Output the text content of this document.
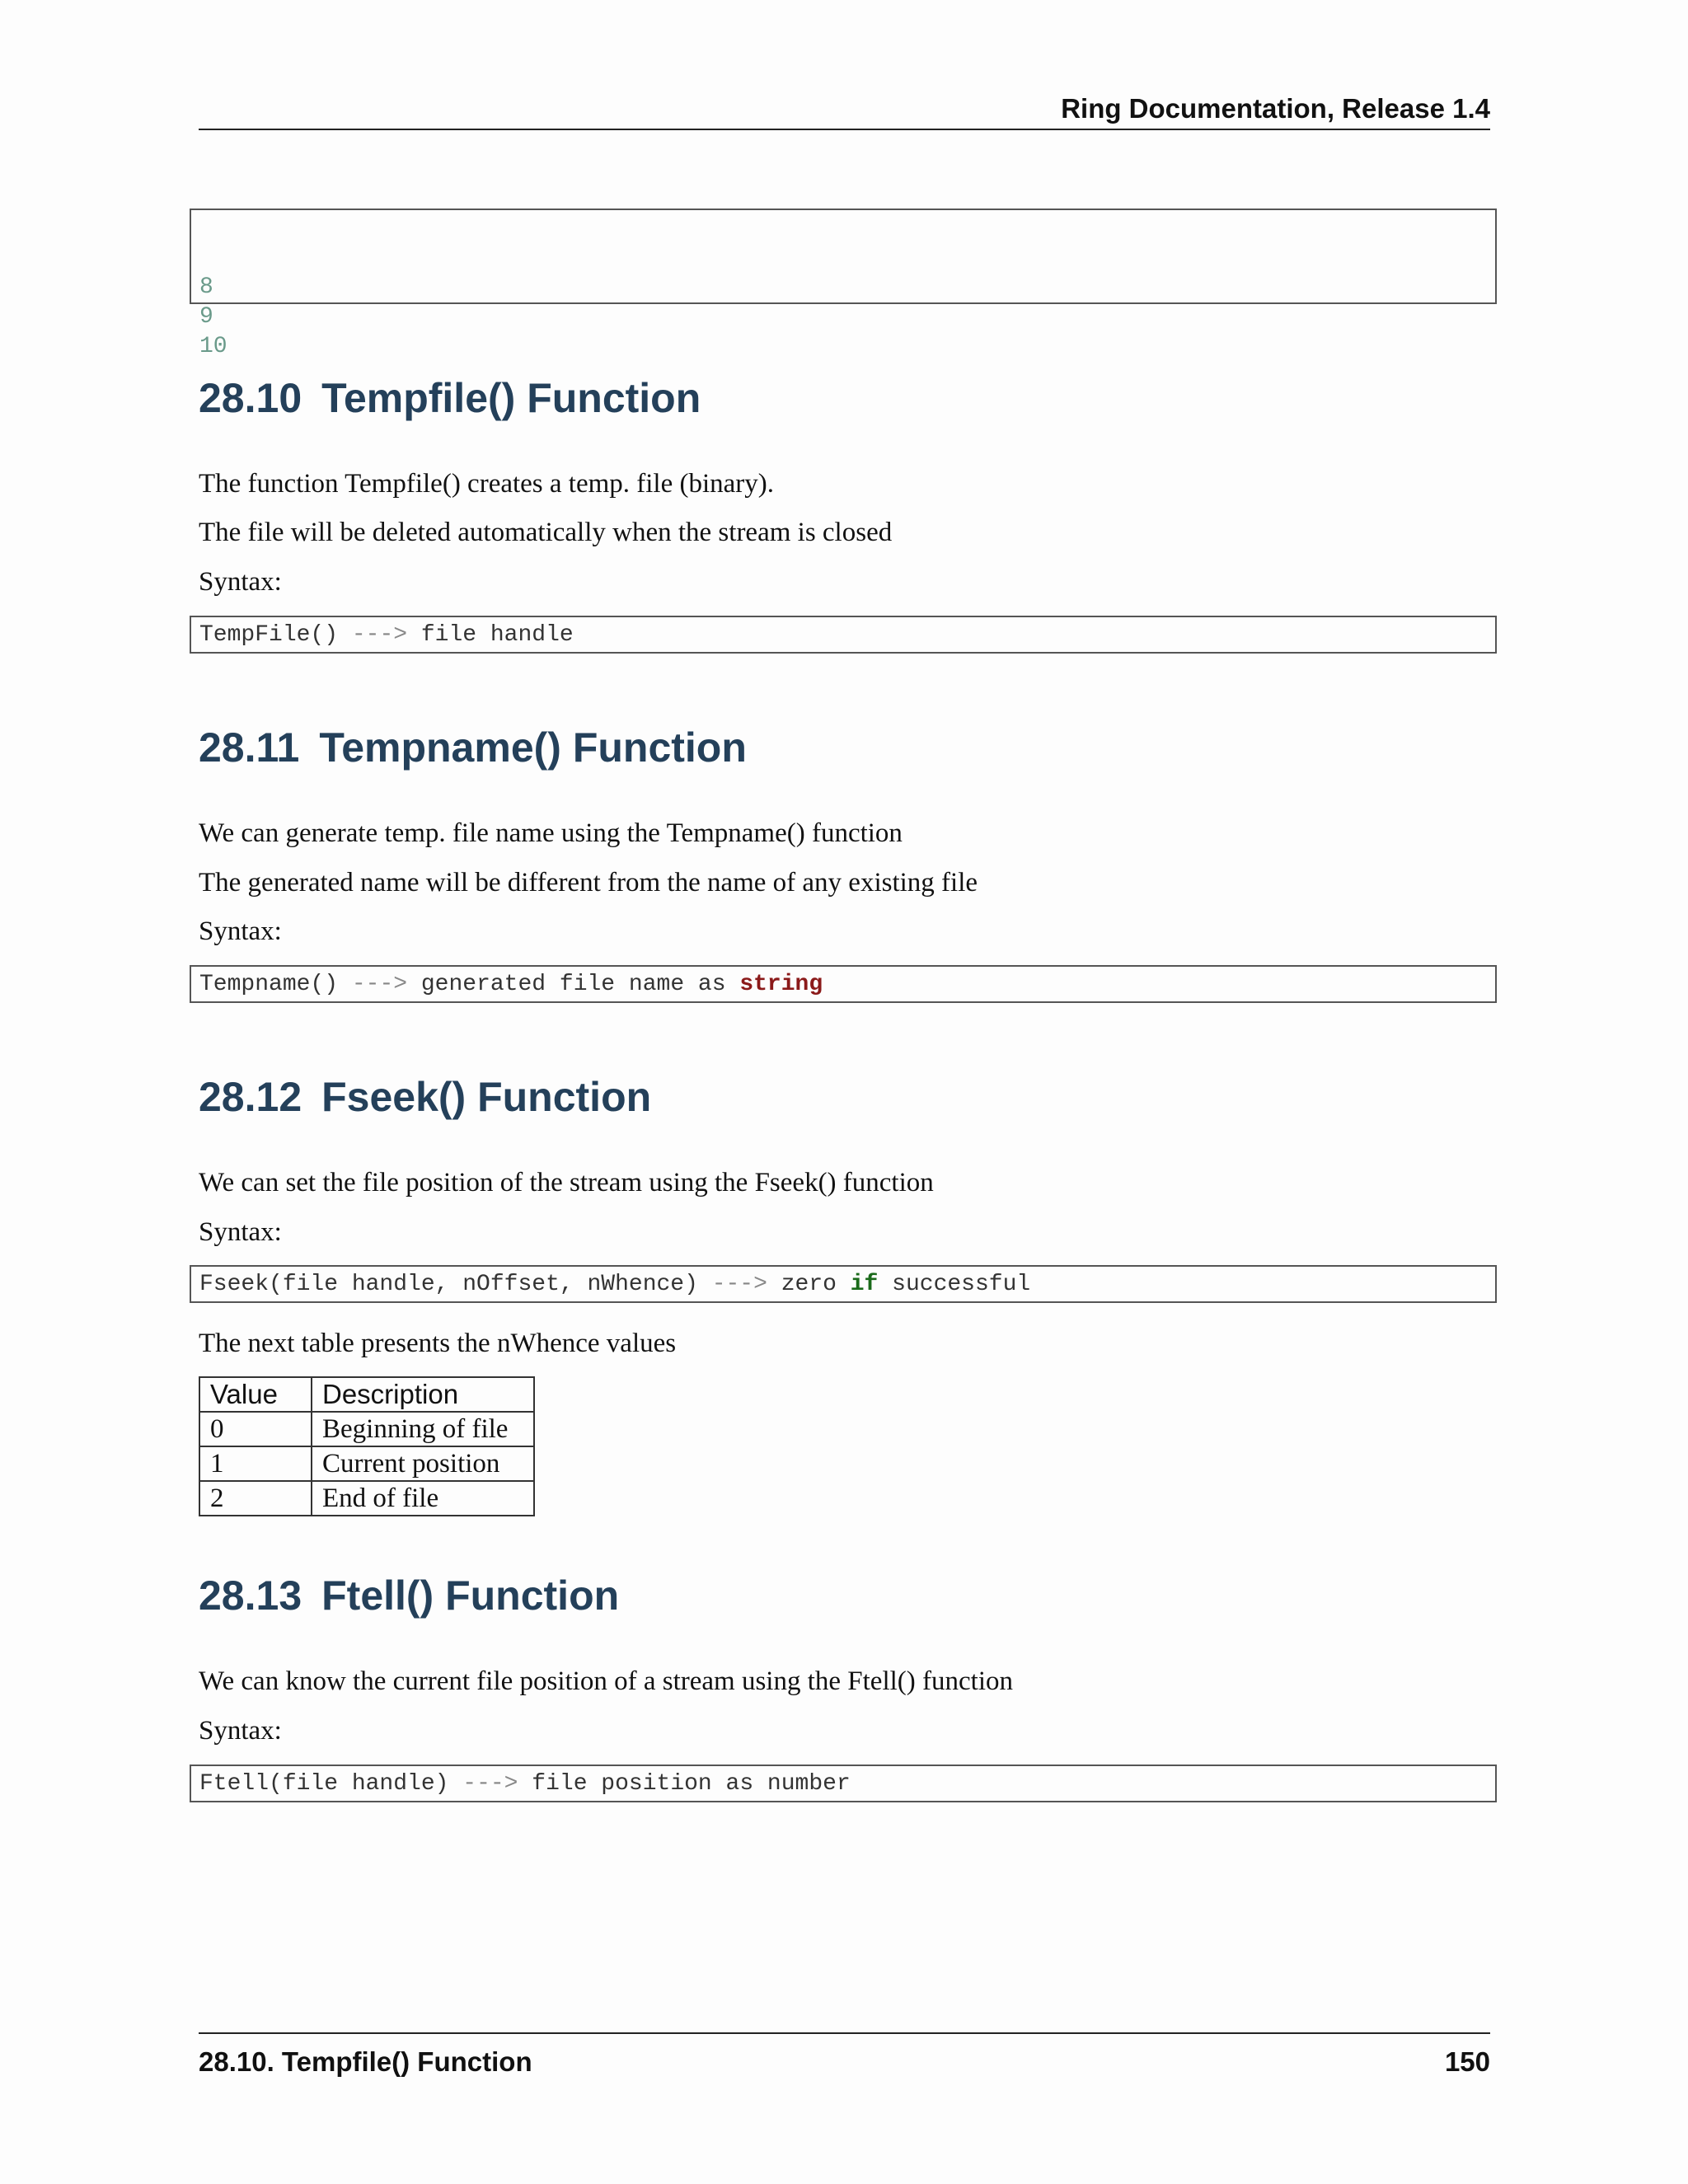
Ring Documentation, Release 1.4

8
9
10

28.10 Tempfile() Function
The function Tempfile() creates a temp. file (binary).
The file will be deleted automatically when the stream is closed
Syntax:
TempFile() ---> file handle
28.11 Tempname() Function
We can generate temp. file name using the Tempname() function
The generated name will be different from the name of any existing file
Syntax:
Tempname() ---> generated file name as string
28.12 Fseek() Function
We can set the file position of the stream using the Fseek() function
Syntax:
Fseek(file handle, nOffset, nWhence) ---> zero if successful
The next table presents the nWhence values
Value	Description
0	Beginning of file
1	Current position
2	End of file
28.13 Ftell() Function
We can know the current file position of a stream using the Ftell() function
Syntax:
Ftell(file handle) ---> file position as number
28.10. Tempfile() Function	150
